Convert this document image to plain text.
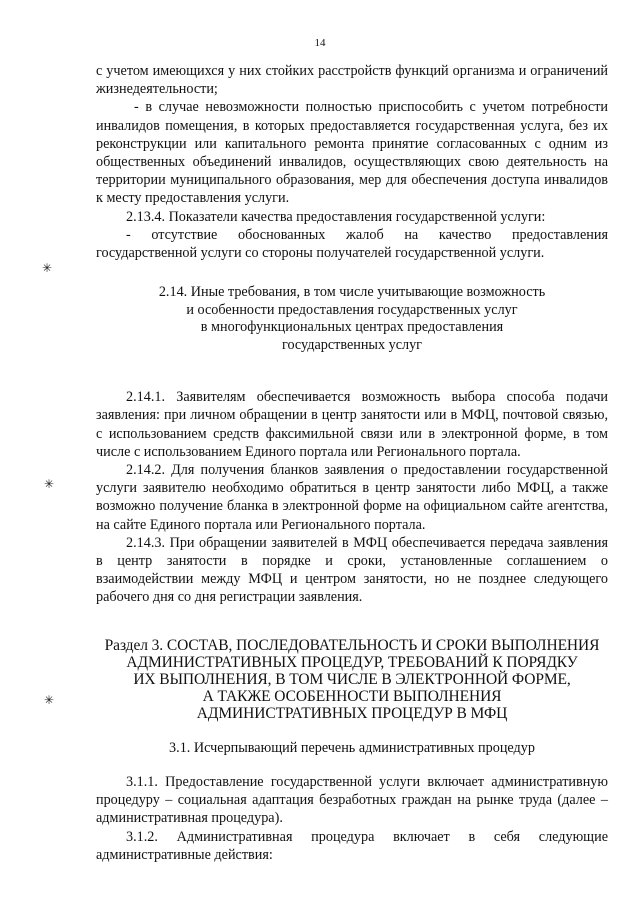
14
✳
✳
✳

с учетом имеющихся у них стойких расстройств функций организма и ограничений жизнедеятельности;

- в случае невозможности полностью приспособить с учетом потребности инвалидов помещения, в которых предоставляется государственная услуга, без их реконструкции или капитального ремонта принятие согласованных с одним из общественных объединений инвалидов, осуществляющих свою деятельность на территории муниципального образования, мер для обеспечения доступа инвалидов к месту предоставления услуги.

2.13.4. Показатели качества предоставления государственной услуги:

- отсутствие обоснованных жалоб на качество предоставления государственной услуги со стороны получателей государственной услуги.

2.14. Иные требования, в том числе учитывающие возможность
и особенности предоставления государственных услуг
в многофункциональных центрах предоставления
государственных услуг

2.14.1. Заявителям обеспечивается возможность выбора способа подачи заявления: при личном обращении в центр занятости или в МФЦ, почтовой связью, с использованием средств факсимильной связи или в электронной форме, в том числе с использованием Единого портала или Регионального портала.

2.14.2. Для получения бланков заявления о предоставлении государственной услуги заявителю необходимо обратиться в центр занятости либо МФЦ, а также возможно получение бланка в электронной форме на официальном сайте агентства, на сайте Единого портала или Регионального портала.

2.14.3. При обращении заявителей в МФЦ обеспечивается передача заявления в центр занятости в порядке и сроки, установленные соглашением о взаимодействии между МФЦ и центром занятости, но не позднее следующего рабочего дня со дня регистрации заявления.

Раздел 3. СОСТАВ, ПОСЛЕДОВАТЕЛЬНОСТЬ И СРОКИ ВЫПОЛНЕНИЯ
АДМИНИСТРАТИВНЫХ ПРОЦЕДУР, ТРЕБОВАНИЙ К ПОРЯДКУ
ИХ ВЫПОЛНЕНИЯ, В ТОМ ЧИСЛЕ В ЭЛЕКТРОННОЙ ФОРМЕ,
А ТАКЖЕ ОСОБЕННОСТИ ВЫПОЛНЕНИЯ
АДМИНИСТРАТИВНЫХ ПРОЦЕДУР В МФЦ
3.1. Исчерпывающий перечень административных процедур

3.1.1. Предоставление государственной услуги включает административную процедуру – социальная адаптация безработных граждан на рынке труда (далее – административная процедура).

3.1.2. Административная процедура включает в себя следующие административные действия:
